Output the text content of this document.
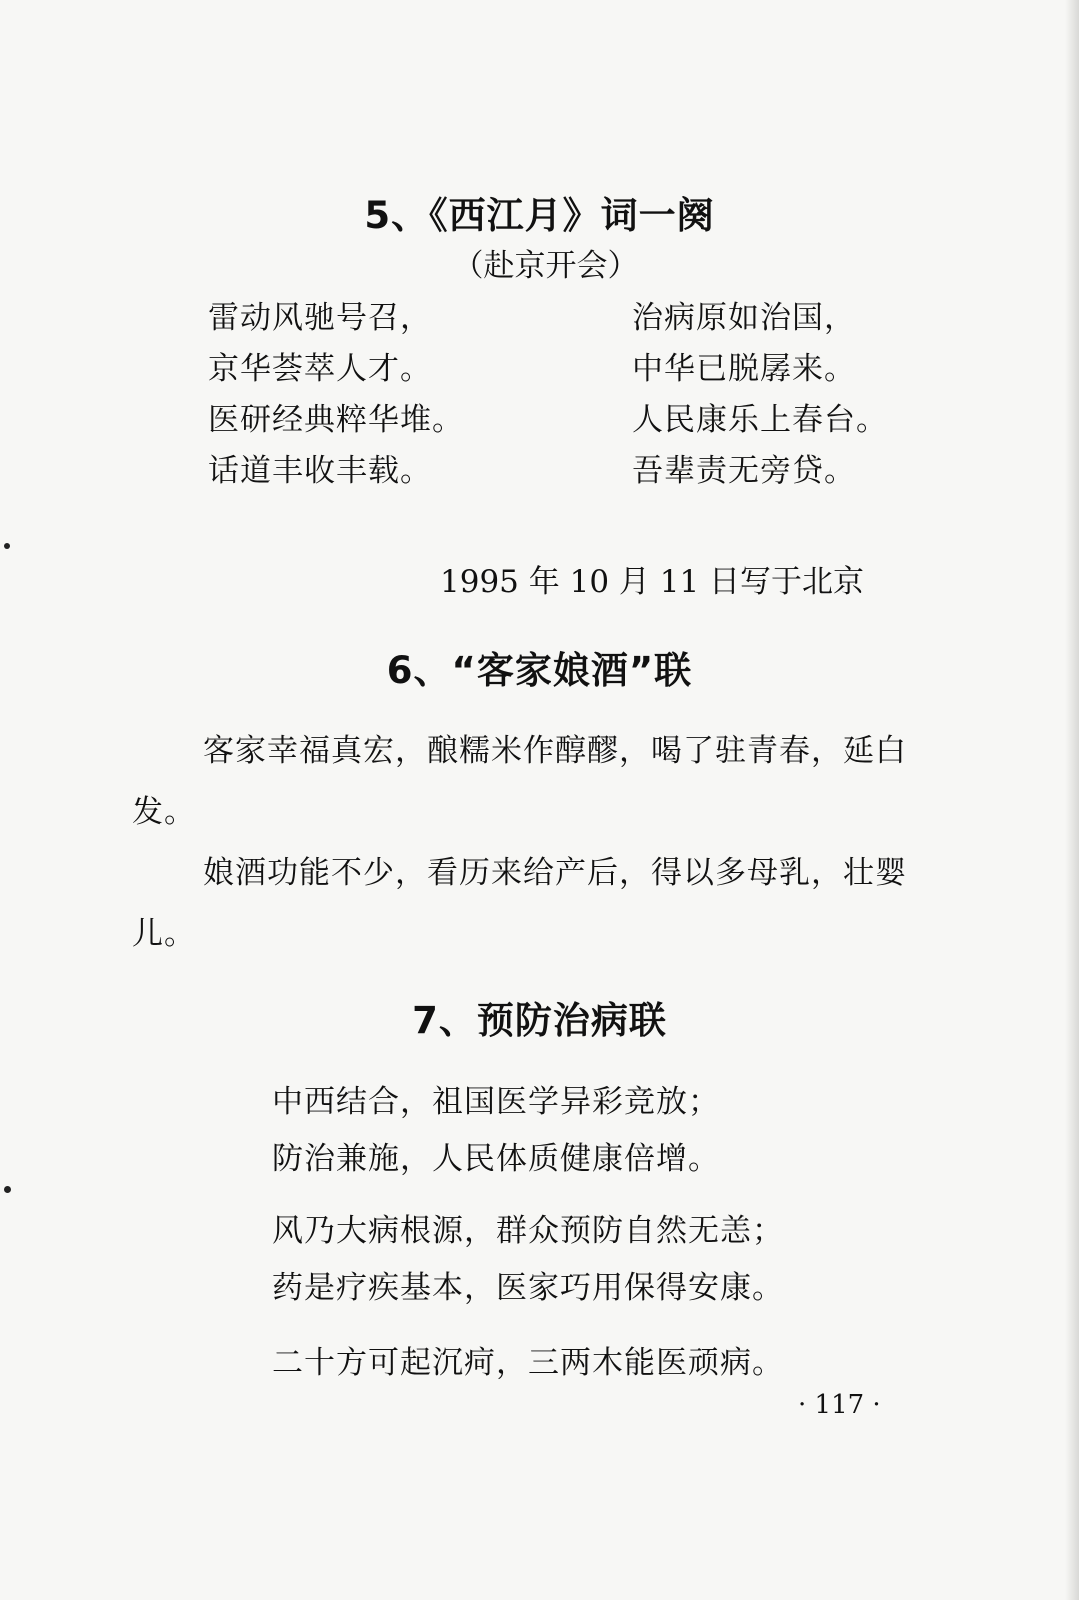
5、《西江月》词一阕
（赴京开会）
雷动风驰号召，
京华荟萃人才。
医研经典粹华堆。
话道丰收丰载。
治病原如治国，
中华已脱孱来。
人民康乐上春台。
吾辈责无旁贷。
1995 年 10 月 11 日写于北京
6、“客家娘酒”联
客家幸福真宏，酿糯米作醇醪，喝了驻青春，延白
发。
娘酒功能不少，看历来给产后，得以多母乳，壮婴
儿。
7、预防治病联
中西结合，祖国医学异彩竞放；
防治兼施，人民体质健康倍增。
风乃大病根源，群众预防自然无恙；
药是疗疾基本，医家巧用保得安康。
二十方可起沉疴，三两木能医顽病。
· 117 ·
